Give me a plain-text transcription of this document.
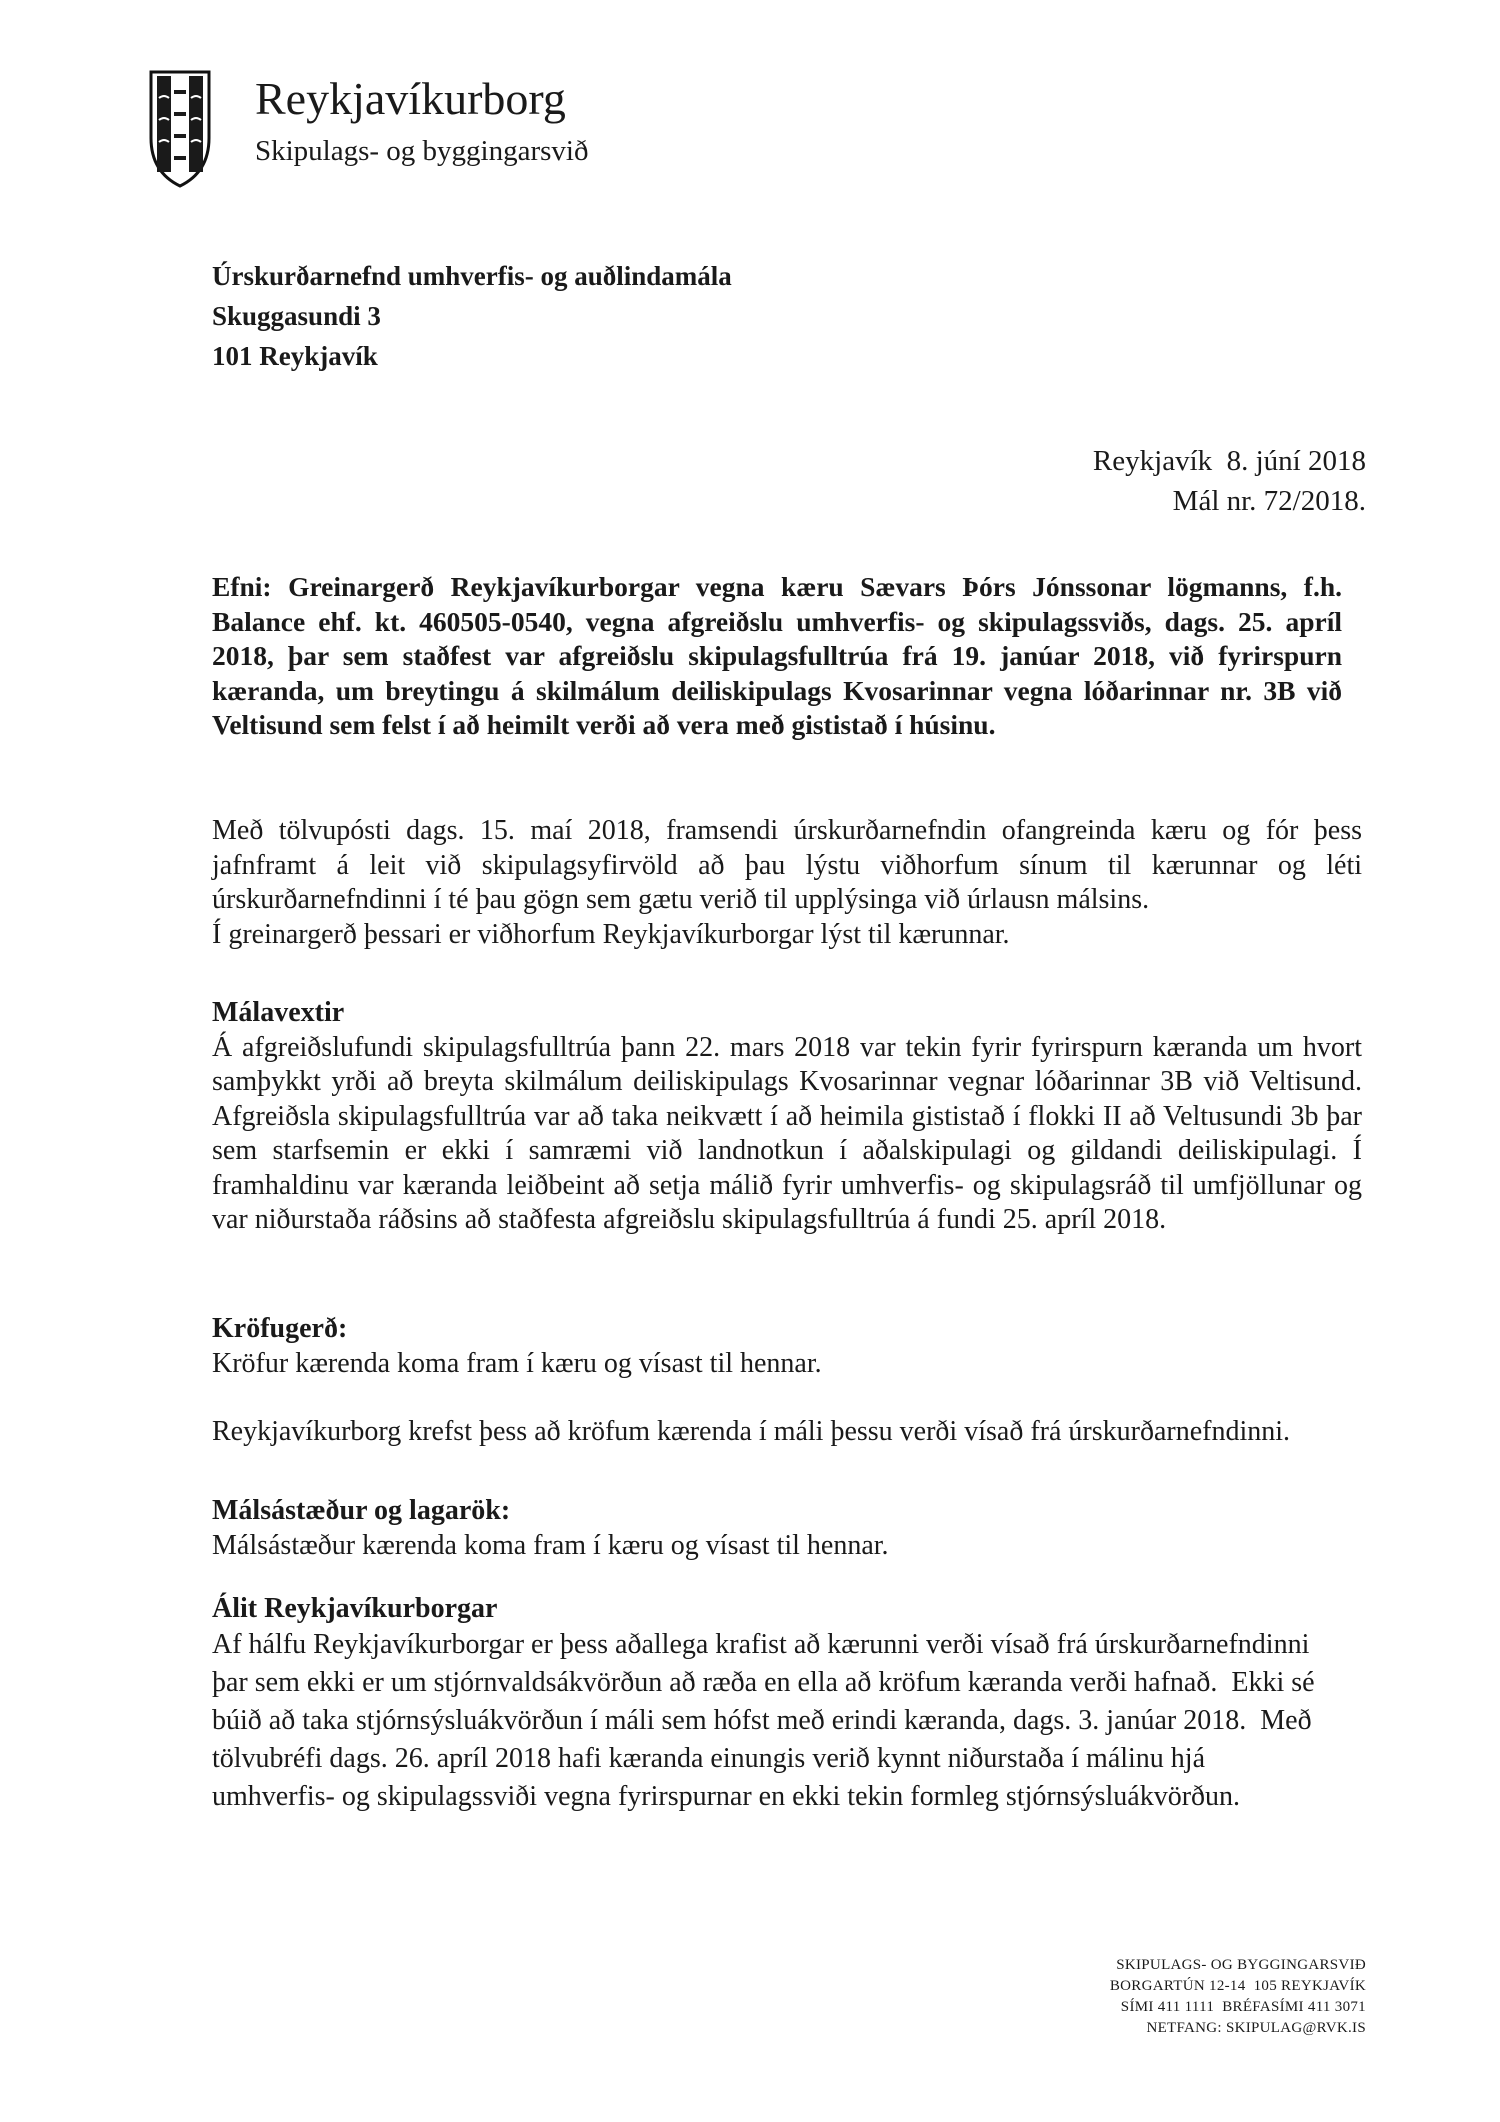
Reykjavíkurborg
Skipulags- og byggingarsvið
Úrskurðarnefnd umhverfis- og auðlindamála
Skuggasundi 3
101 Reykjavík
Reykjavík  8. júní 2018
Mál nr. 72/2018.
Efni: Greinargerð Reykjavíkurborgar vegna kæru Sævars Þórs Jónssonar lögmanns, f.h. Balance ehf. kt. 460505-0540, vegna afgreiðslu umhverfis- og skipulagssviðs, dags. 25. apríl 2018, þar sem staðfest var afgreiðslu skipulagsfulltrúa frá 19. janúar 2018, við fyrirspurn kæranda, um breytingu á skilmálum deiliskipulags Kvosarinnar vegna lóðarinnar nr. 3B við Veltisund sem felst í að heimilt verði að vera með gististað í húsinu.

Með tölvupósti dags. 15. maí 2018, framsendi úrskurðarnefndin ofangreinda kæru og fór þess jafnframt á leit við skipulagsyfirvöld að þau lýstu viðhorfum sínum til kærunnar og léti úrskurðarnefndinni í té þau gögn sem gætu verið til upplýsinga við úrlausn málsins.

Í greinargerð þessari er viðhorfum Reykjavíkurborgar lýst til kærunnar.

Málavextir

Á afgreiðslufundi skipulagsfulltrúa þann 22. mars 2018 var tekin fyrir fyrirspurn kæranda um hvort samþykkt yrði að breyta skilmálum deiliskipulags Kvosarinnar vegnar lóðarinnar 3B við Veltisund. Afgreiðsla skipulagsfulltrúa var að taka neikvætt í að heimila gististað í flokki II að Veltusundi 3b þar sem starfsemin er ekki í samræmi við landnotkun í aðalskipulagi og gildandi deiliskipulagi. Í framhaldinu var kæranda leiðbeint að setja málið fyrir umhverfis- og skipulagsráð til umfjöllunar og var niðurstaða ráðsins að staðfesta afgreiðslu skipulagsfulltrúa á fundi 25. apríl 2018.

Kröfugerð:

Kröfur kærenda koma fram í kæru og vísast til hennar.

Reykjavíkurborg krefst þess að kröfum kærenda í máli þessu verði vísað frá úrskurðarnefndinni.

Málsástæður og lagarök:

Málsástæður kærenda koma fram í kæru og vísast til hennar.

Álit Reykjavíkurborgar

Af hálfu Reykjavíkurborgar er þess aðallega krafist að kærunni verði vísað frá úrskurðarnefndinni þar sem ekki er um stjórnvaldsákvörðun að ræða en ella að kröfum kæranda verði hafnað.  Ekki sé búið að taka stjórnsýsluákvörðun í máli sem hófst með erindi kæranda, dags. 3. janúar 2018.  Með tölvubréfi dags. 26. apríl 2018 hafi kæranda einungis verið kynnt niðurstaða í málinu hjá umhverfis- og skipulagssviði vegna fyrirspurnar en ekki tekin formleg stjórnsýsluákvörðun.

SKIPULAGS- OG BYGGINGARSVIÐ
BORGARTÚN 12-14  105 REYKJAVÍK
SÍMI 411 1111  BRÉFASÍMI 411 3071
NETFANG: SKIPULAG@RVK.IS
